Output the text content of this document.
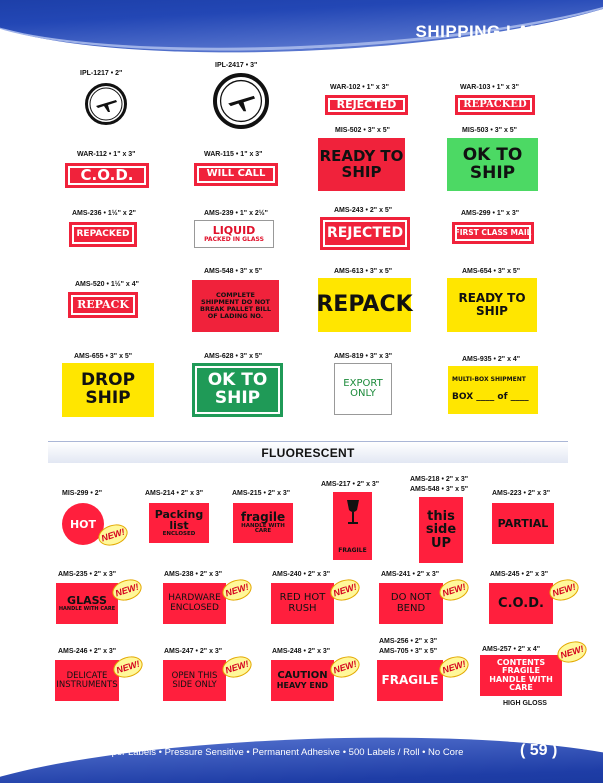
SHIPPING LABELS
IPL-1217 • 2"
IPL-2417 • 3"
WAR-102 • 1" x 3"
REJECTED
WAR-103 • 1" x 3"
REPACKED
WAR-112 • 1" x 3"
C.O.D.
WAR-115 • 1" x 3"
WILL CALL
MIS-502 • 3" x 5"
READY TO SHIP
MIS-503 • 3" x 5"
OK TO SHIP
AMS-236 • 1½" x 2"
REPACKED
AMS-239 • 1" x 2½"
LIQUID
PACKED IN GLASS
AMS-243 • 2" x 5"
REJECTED
AMS-299 • 1" x 3"
FIRST CLASS MAIL
AMS-520 • 1½" x 4"
REPACK
AMS-548 • 3" x 5"
COMPLETE SHIPMENT DO NOT BREAK PALLET BILL OF LADING NO.
AMS-613 • 3" x 5"
REPACK
AMS-654 • 3" x 5"
READY TO SHIP
AMS-655 • 3" x 5"
DROP SHIP
AMS-628 • 3" x 5"
OK TO SHIP
AMS-819 • 3" x 3"
EXPORT ONLY
AMS-935 • 2" x 4"
MULTI-BOX SHIPMENT
BOX ____ of ____
FLUORESCENT
MIS-299 • 2"
HOT
NEW!
AMS-214 • 2" x 3"
Packing list
ENCLOSED
AMS-215 • 2" x 3"
fragile
HANDLE WITH CARE
AMS-217 • 2" x 3"
FRAGILE
AMS-218 • 2" x 3"
AMS-548 • 3" x 5"
this side UP
AMS-223 • 2" x 3"
PARTIAL
AMS-235 • 2" x 3"
GLASS
HANDLE WITH CARE
NEW!
AMS-238 • 2" x 3"
HARDWARE ENCLOSED
NEW!
AMS-240 • 2" x 3"
RED HOT RUSH
NEW!
AMS-241 • 2" x 3"
DO NOT BEND
NEW!
AMS-245 • 2" x 3"
C.O.D.
NEW!
AMS-246 • 2" x 3"
DELICATE INSTRUMENTS
NEW!
AMS-247 • 2" x 3"
OPEN THIS SIDE ONLY
NEW!
AMS-248 • 2" x 3"
CAUTION
HEAVY END
NEW!
AMS-256 • 2" x 3"
AMS-705 • 3" x 5"
FRAGILE
NEW!
AMS-257 • 2" x 4"
CONTENTS FRAGILE HANDLE WITH CARE
NEW!
HIGH GLOSS
Paper Labels • Pressure Sensitive • Permanent Adhesive • 500 Labels / Roll • No Core	( 59 )
